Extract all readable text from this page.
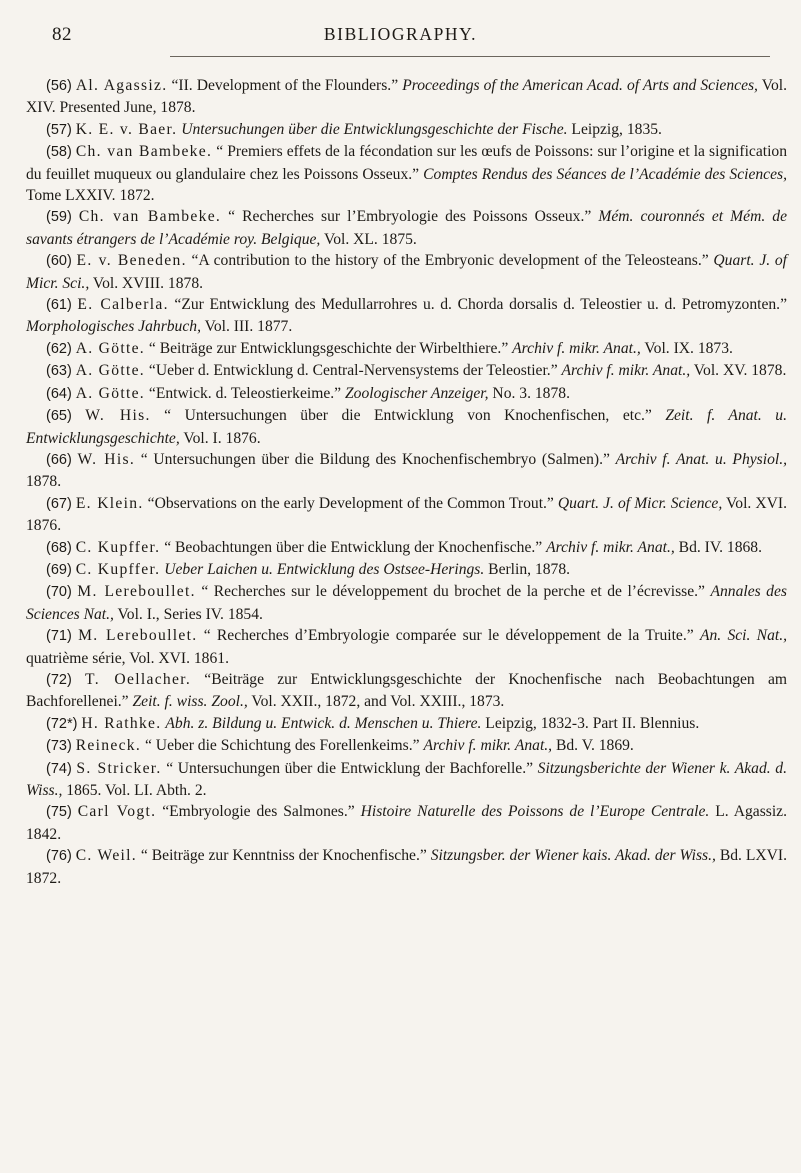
82	BIBLIOGRAPHY.

(56) Al. Agassiz. “II. Development of the Flounders.” Proceedings of the American Acad. of Arts and Sciences, Vol. XIV. Presented June, 1878.

(57) K. E. v. Baer. Untersuchungen über die Entwicklungsgeschichte der Fische. Leipzig, 1835.

(58) Ch. van Bambeke. “ Premiers effets de la fécondation sur les œufs de Poissons: sur l’origine et la signification du feuillet muqueux ou glandulaire chez les Poissons Osseux.” Comptes Rendus des Séances de l’Académie des Sciences, Tome LXXIV. 1872.

(59) Ch. van Bambeke. “ Recherches sur l’Embryologie des Poissons Osseux.” Mém. couronnés et Mém. de savants étrangers de l’Académie roy. Belgique, Vol. XL. 1875.

(60) E. v. Beneden. “A contribution to the history of the Embryonic development of the Teleosteans.” Quart. J. of Micr. Sci., Vol. XVIII. 1878.

(61) E. Calberla. “Zur Entwicklung des Medullarrohres u. d. Chorda dorsalis d. Teleostier u. d. Petromyzonten.” Morphologisches Jahrbuch, Vol. III. 1877.

(62) A. Götte. “ Beiträge zur Entwicklungsgeschichte der Wirbelthiere.” Archiv f. mikr. Anat., Vol. IX. 1873.

(63) A. Götte. “Ueber d. Entwicklung d. Central-Nervensystems der Teleostier.” Archiv f. mikr. Anat., Vol. XV. 1878.

(64) A. Götte. “Entwick. d. Teleostierkeime.” Zoologischer Anzeiger, No. 3. 1878.

(65) W. His. “ Untersuchungen über die Entwicklung von Knochenfischen, etc.” Zeit. f. Anat. u. Entwicklungsgeschichte, Vol. I. 1876.

(66) W. His. “ Untersuchungen über die Bildung des Knochenfischembryo (Salmen).” Archiv f. Anat. u. Physiol., 1878.

(67) E. Klein. “Observations on the early Development of the Common Trout.” Quart. J. of Micr. Science, Vol. XVI. 1876.

(68) C. Kupffer. “ Beobachtungen über die Entwicklung der Knochenfische.” Archiv f. mikr. Anat., Bd. IV. 1868.

(69) C. Kupffer. Ueber Laichen u. Entwicklung des Ostsee-Herings. Berlin, 1878.

(70) M. Lereboullet. “ Recherches sur le développement du brochet de la perche et de l’écrevisse.” Annales des Sciences Nat., Vol. I., Series IV. 1854.

(71) M. Lereboullet. “ Recherches d’Embryologie comparée sur le développement de la Truite.” An. Sci. Nat., quatrième série, Vol. XVI. 1861.

(72) T. Oellacher. “Beiträge zur Entwicklungsgeschichte der Knochenfische nach Beobachtungen am Bachforellenei.” Zeit. f. wiss. Zool., Vol. XXII., 1872, and Vol. XXIII., 1873.

(72*) H. Rathke. Abh. z. Bildung u. Entwick. d. Menschen u. Thiere. Leipzig, 1832-3. Part II. Blennius.

(73) Reineck. “ Ueber die Schichtung des Forellenkeims.” Archiv f. mikr. Anat., Bd. V. 1869.

(74) S. Stricker. “ Untersuchungen über die Entwicklung der Bachforelle.” Sitzungsberichte der Wiener k. Akad. d. Wiss., 1865. Vol. LI. Abth. 2.

(75) Carl Vogt. “Embryologie des Salmones.” Histoire Naturelle des Poissons de l’Europe Centrale. L. Agassiz. 1842.

(76) C. Weil. “ Beiträge zur Kenntniss der Knochenfische.” Sitzungsber. der Wiener kais. Akad. der Wiss., Bd. LXVI. 1872.
